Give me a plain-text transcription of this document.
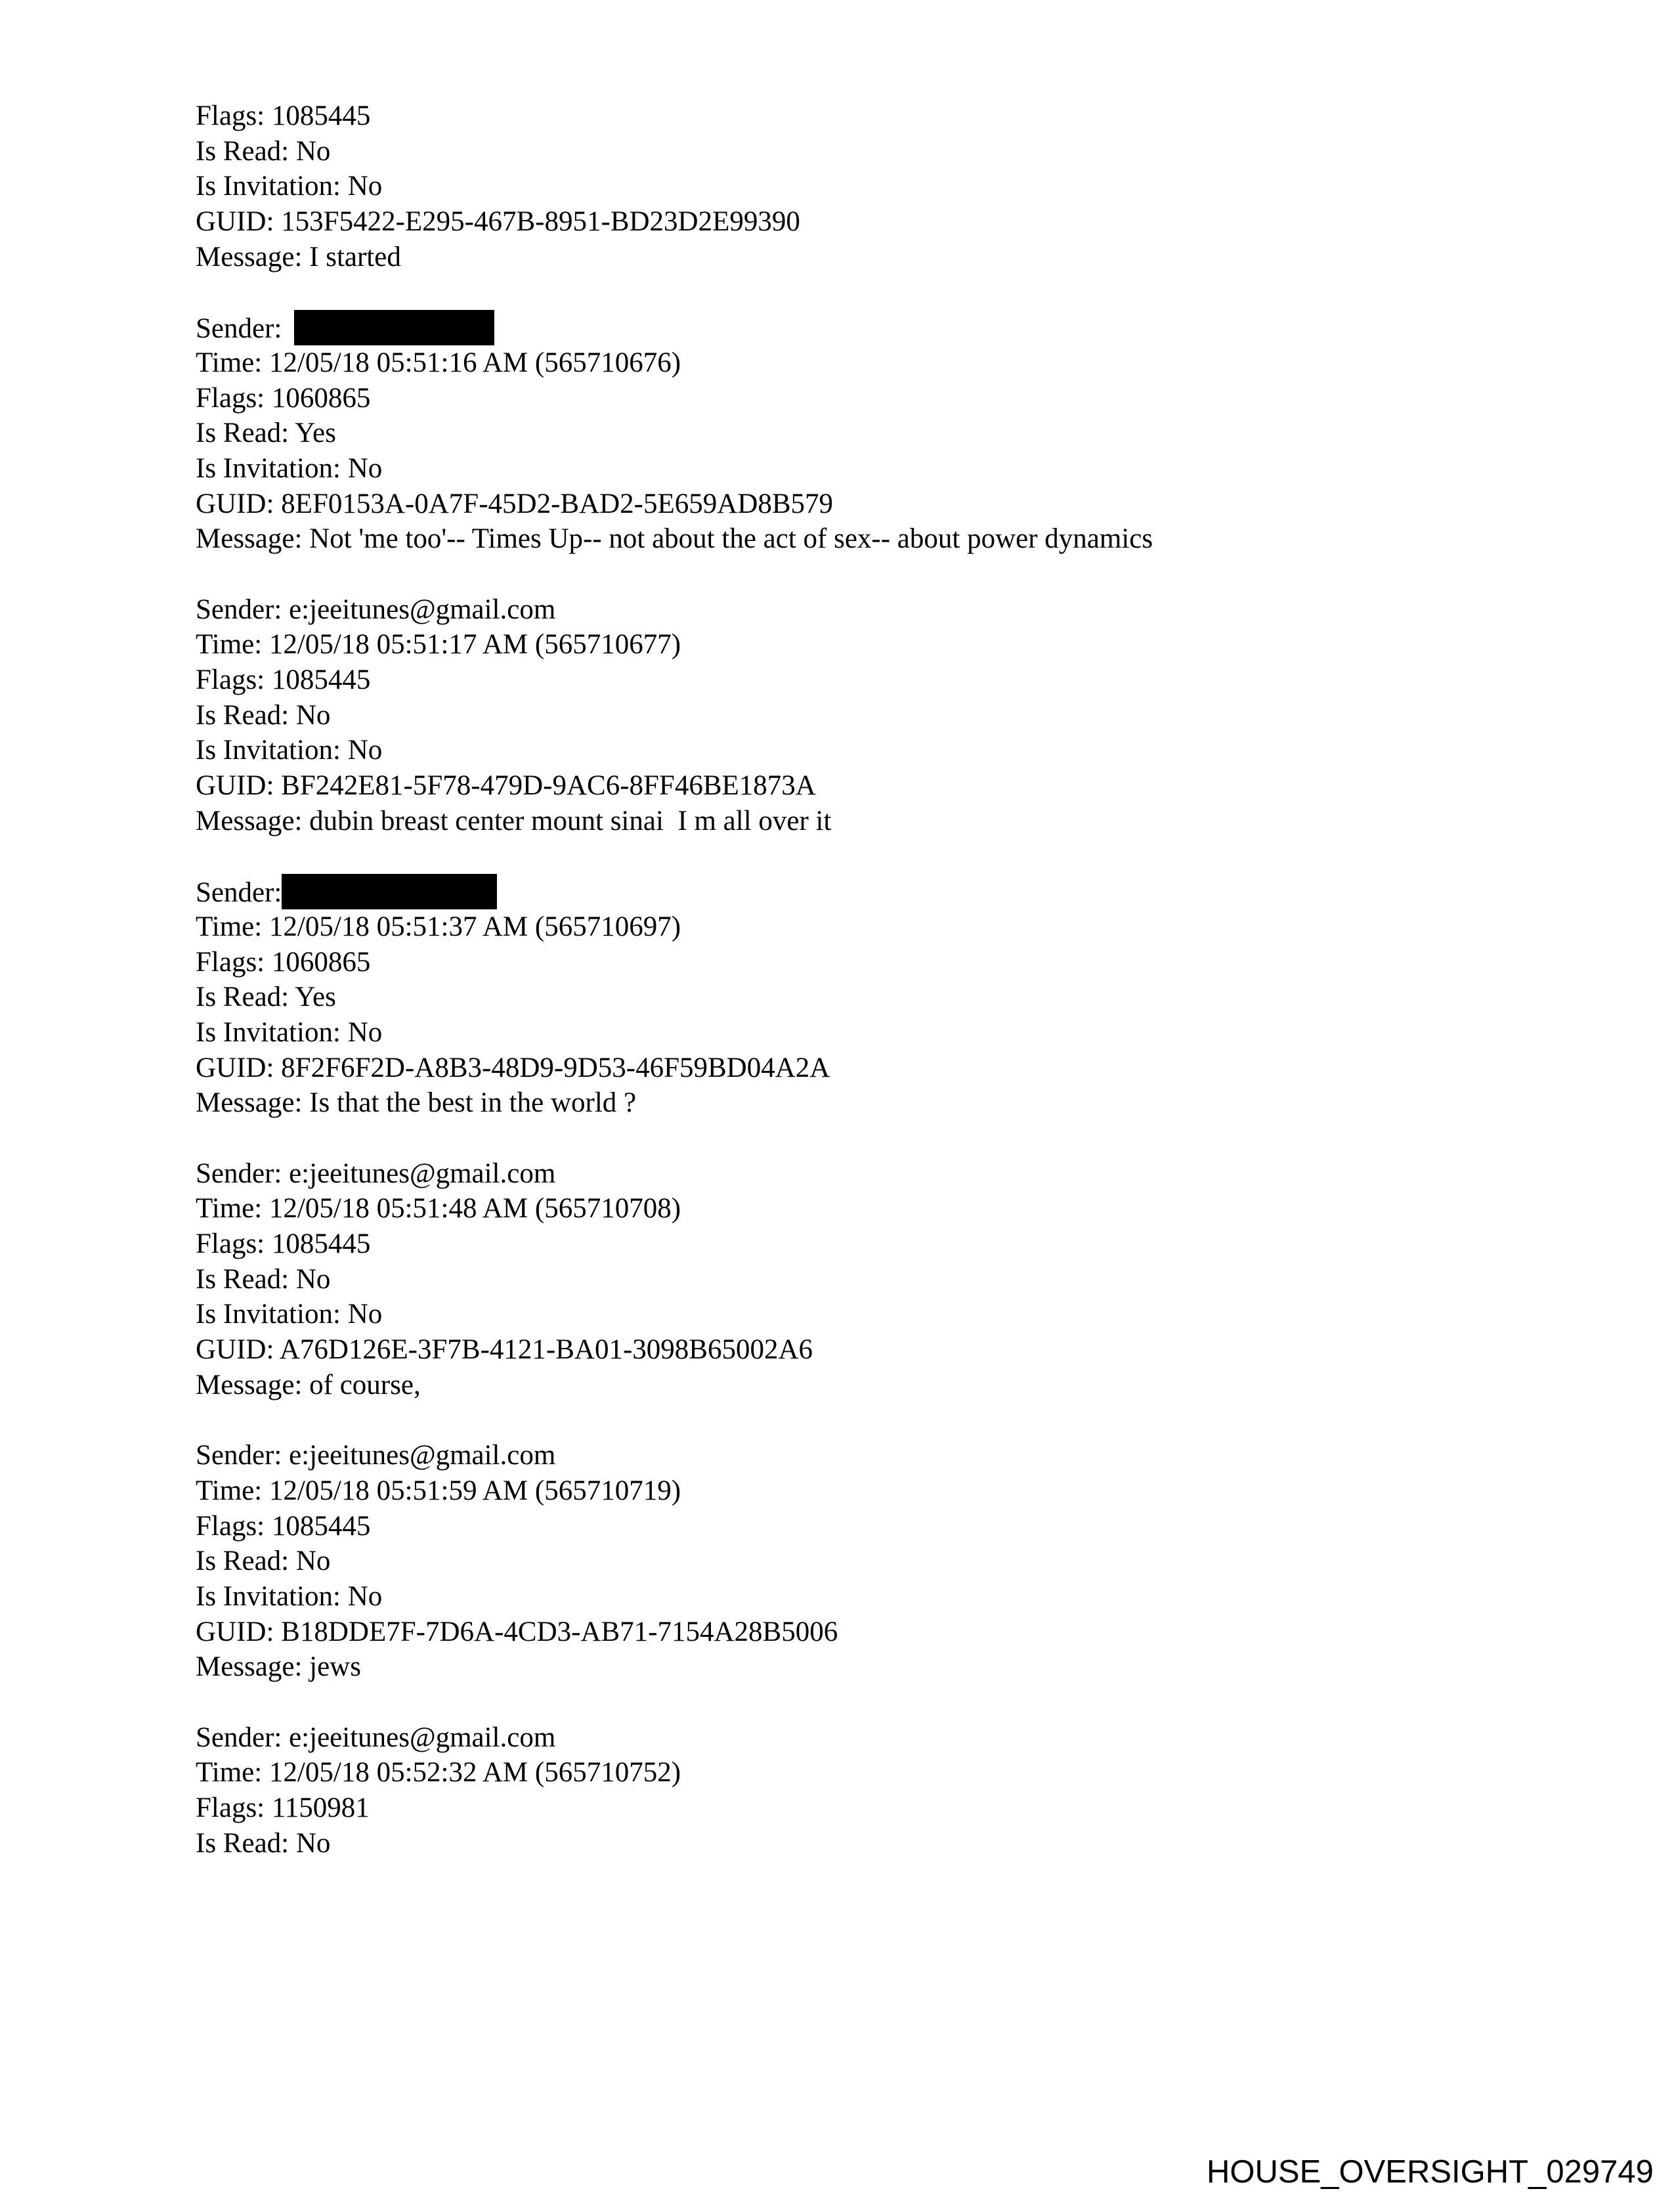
Flags: 1085445
Is Read: No
Is Invitation: No
GUID: 153F5422-E295-467B-8951-BD23D2E99390
Message: I started
Sender:
Time: 12/05/18 05:51:16 AM (565710676)
Flags: 1060865
Is Read: Yes
Is Invitation: No
GUID: 8EF0153A-0A7F-45D2-BAD2-5E659AD8B579
Message: Not 'me too'-- Times Up-- not about the act of sex-- about power dynamics
Sender: e:jeeitunes@gmail.com
Time: 12/05/18 05:51:17 AM (565710677)
Flags: 1085445
Is Read: No
Is Invitation: No
GUID: BF242E81-5F78-479D-9AC6-8FF46BE1873A
Message: dubin breast center mount sinai  I m all over it
Sender:
Time: 12/05/18 05:51:37 AM (565710697)
Flags: 1060865
Is Read: Yes
Is Invitation: No
GUID: 8F2F6F2D-A8B3-48D9-9D53-46F59BD04A2A
Message: Is that the best in the world ?
Sender: e:jeeitunes@gmail.com
Time: 12/05/18 05:51:48 AM (565710708)
Flags: 1085445
Is Read: No
Is Invitation: No
GUID: A76D126E-3F7B-4121-BA01-3098B65002A6
Message: of course,
Sender: e:jeeitunes@gmail.com
Time: 12/05/18 05:51:59 AM (565710719)
Flags: 1085445
Is Read: No
Is Invitation: No
GUID: B18DDE7F-7D6A-4CD3-AB71-7154A28B5006
Message: jews
Sender: e:jeeitunes@gmail.com
Time: 12/05/18 05:52:32 AM (565710752)
Flags: 1150981
Is Read: No
HOUSE_OVERSIGHT_029749
